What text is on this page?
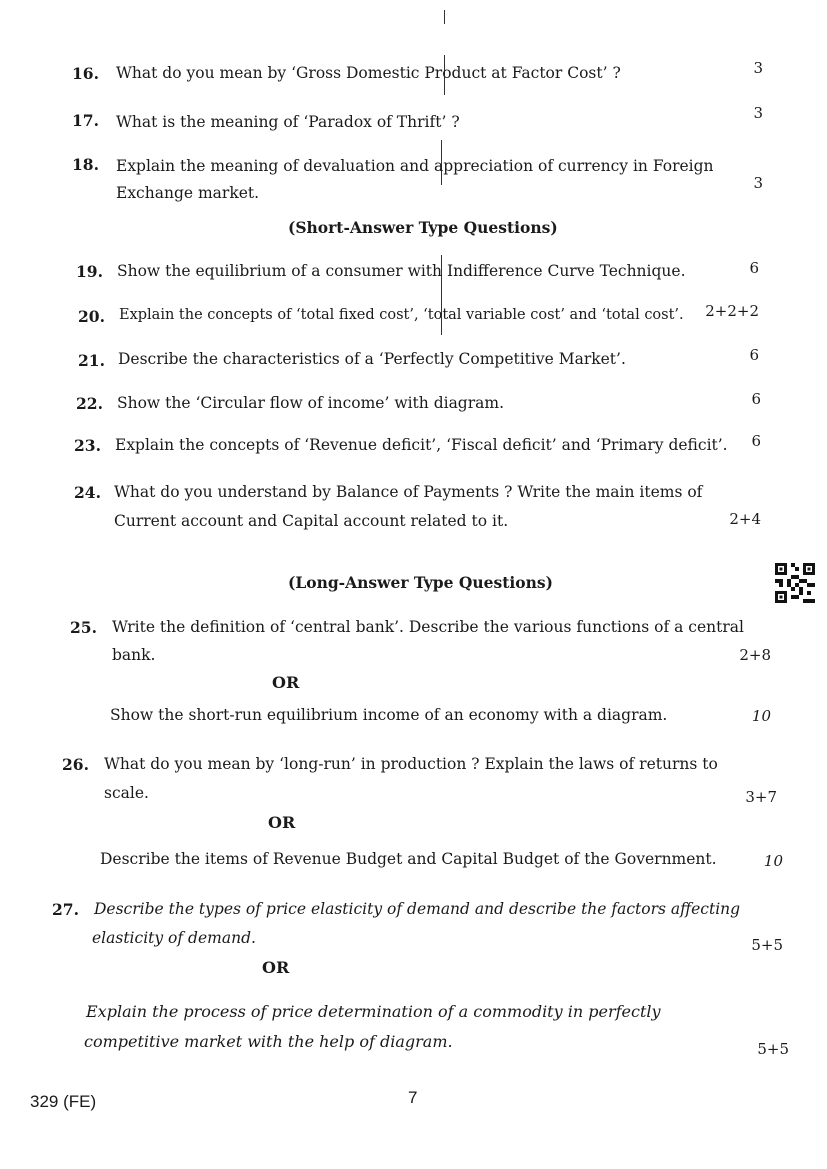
16. What do you mean by ‘Gross Domestic Product at Factor Cost’ ?	3
17. What is the meaning of ‘Paradox of Thrift’ ?	3
18. Explain the meaning of devaluation and appreciation of currency in Foreign
Exchange market.
3
(Short-Answer Type Questions)
19. Show the equilibrium of a consumer with Indifference Curve Technique.	6
20. Explain the concepts of ‘total fixed cost’, ‘total variable cost’ and ‘total cost’. 2+2+2
21. Describe the characteristics of a ‘Perfectly Competitive Market’.	6
22. Show the ‘Circular flow of income’ with diagram.	6
23. Explain the concepts of ‘Revenue deficit’, ‘Fiscal deficit’ and ‘Primary deficit’. 6
24. What do you understand by Balance of Payments ? Write the main items of
Current account and Capital account related to it.	2+4
(Long-Answer Type Questions)
25. Write the definition of ‘central bank’. Describe the various functions of a central
bank.	2+8
OR
Show the short-run equilibrium income of an economy with a diagram.	10
26. What do you mean by ‘long-run’ in production ? Explain the laws of returns to
scale.	3+7
OR
Describe the items of Revenue Budget and Capital Budget of the Government.	10
27. Describe the types of price elasticity of demand and describe the factors affecting
elasticity of demand.	5+5
OR
Explain the process of price determination of a commodity in perfectly
competitive market with the help of diagram.	5+5
329 (FE)	7
